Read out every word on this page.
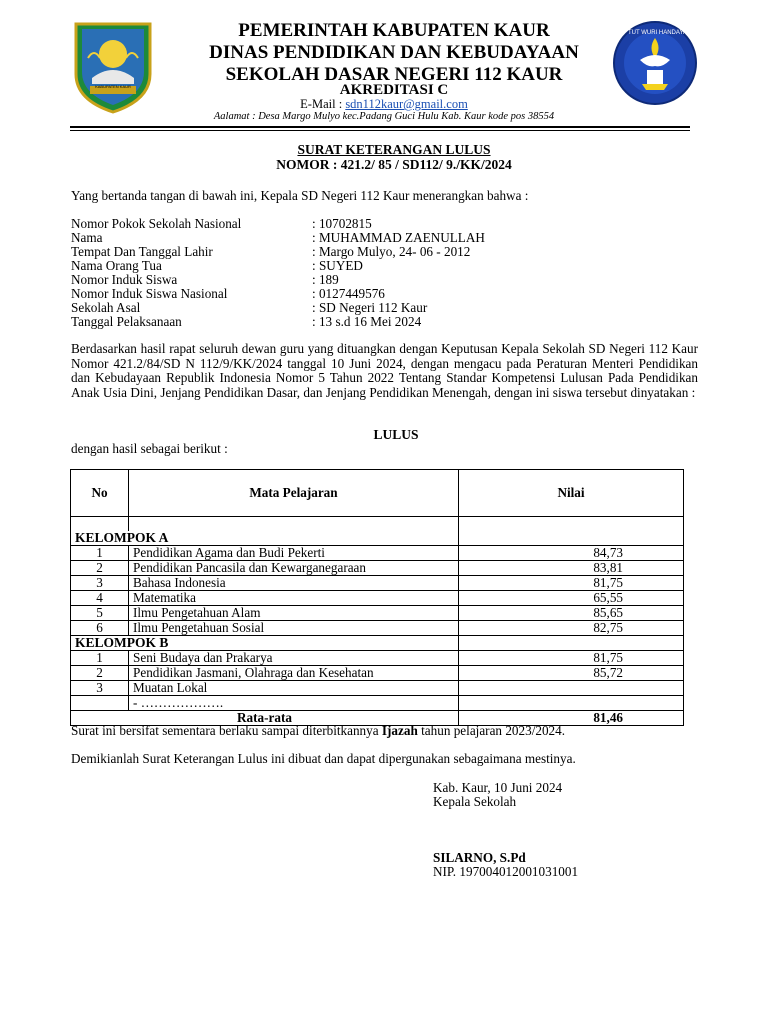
KABUPATEN KAUR
TUT WURI HANDAYANI
PEMERINTAH KABUPATEN KAUR
DINAS PENDIDIKAN DAN KEBUDAYAAN
SEKOLAH DASAR NEGERI 112 KAUR
AKREDITASI C
E-Mail : sdn112kaur@gmail.com
Aalamat : Desa Margo Mulyo kec.Padang Guci Hulu Kab. Kaur kode pos 38554
SURAT KETERANGAN LULUS
NOMOR : 421.2/ 85 / SD112/ 9./KK/2024
Yang bertanda tangan di bawah ini, Kepala SD Negeri 112 Kaur menerangkan bahwa :
Nomor Pokok Sekolah Nasional	: 10702815
Nama	: MUHAMMAD ZAENULLAH
Tempat Dan Tanggal Lahir	: Margo Mulyo, 24- 06 - 2012
Nama Orang Tua	: SUYED
Nomor Induk Siswa	: 189
Nomor Induk Siswa Nasional	: 0127449576
Sekolah Asal	: SD Negeri 112 Kaur
Tanggal Pelaksanaan	: 13 s.d 16 Mei 2024
Berdasarkan hasil rapat seluruh dewan guru yang dituangkan dengan Keputusan Kepala Sekolah SD Negeri 112 Kaur Nomor 421.2/84/SD N 112/9/KK/2024 tanggal 10 Juni 2024, dengan mengacu pada Peraturan Menteri Pendidikan dan Kebudayaan Republik Indonesia Nomor 5 Tahun 2022 Tentang Standar Kompetensi Lulusan Pada Pendidikan Anak Usia Dini, Jenjang Pendidikan Dasar, dan Jenjang Pendidikan Menengah, dengan ini siswa tersebut dinyatakan :
LULUS
dengan hasil sebagai berikut :
No	Mata Pelajaran	Nilai

KELOMPOK A		
1	Pendidikan Agama dan Budi Pekerti	84,73
2	Pendidikan Pancasila dan Kewarganegaraan	83,81
3	Bahasa Indonesia	81,75
4	Matematika	65,55
5	Ilmu Pengetahuan Alam	85,65
6	Ilmu Pengetahuan Sosial	82,75
KELOMPOK B		
1	Seni Budaya dan Prakarya	81,75
2	Pendidikan Jasmani, Olahraga dan Kesehatan	85,72
3	Muatan Lokal	
	- ……………….	
Rata-rata		81,46
Surat ini bersifat sementara berlaku sampai diterbitkannya Ijazah tahun pelajaran 2023/2024.
Demikianlah Surat Keterangan Lulus ini dibuat dan dapat dipergunakan sebagaimana mestinya.
Kab. Kaur, 10 Juni 2024
Kepala Sekolah
SILARNO, S.Pd
NIP. 197004012001031001
